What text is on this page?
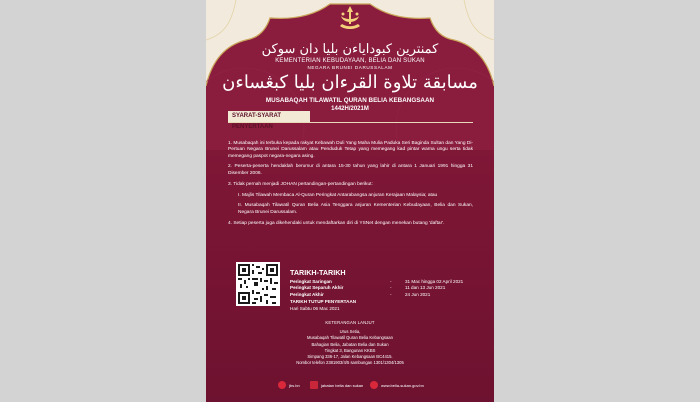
كمنترين كبوداياءن بليا دان سوكن
KEMENTERIAN KEBUDAYAAN, BELIA DAN SUKAN
NEGARA BRUNEI DARUSSALAM
مسابقة تلاوة القرءان بليا كبڠساءن
MUSABAQAH TILAWATIL QURAN BELIA KEBANGSAAN
1442H/2021M
SYARAT-SYARAT PENYERTAAN

1. Musabaqah ini terbuka kepada rakyat Kebawah Duli Yang Maha Mulia Paduka Seri Baginda Sultan dan Yang Di-Pertuan Negara Brunei Darussalam atau Penduduk Tetap yang memegang kad pintar warna ungu serta tidak memegang paspot negara-negara asing.

2. Peserta-peserta hendaklah berumur di antara 15-30 tahun yang lahir di antara 1 Januari 1991 hingga 31 Disember 2006.

3. Tidak pernah menjadi JOHAN pertandingan-pertandingan berikut:

I. Majlis Tilawah Membaca Al-Quran Peringkat Antarabangsa anjuran Kerajaan Malaysia; atau

II. Musabaqah Tilawatil Quran Belia Asia Tenggara anjuran Kementerian Kebudayaan, Belia dan Sukan, Negara Brunei Darussalam.

4. Setiap peserta juga dikehendaki untuk mendaftarkan diri di YSNet dengan menekan butang 'daftar'.

TARIKH-TARIKH
Peringkat Saringan	-	31 Mac hingga 02 April 2021
Peringkat Separuh Akhir	-	11 dan 13 Jun 2021
Peringkat Akhir	-	24 Jun 2021
TARIKH TUTUP PENYERTAAN
Hari Sabtu 06 Mac 2021
KETERANGAN LANJUT
Urus Setia,
Musabaqah Tilawatil Quran Belia Kebangsaan
Bahagian Belia, Jabatan Belia dan Sukan
Tingkat 3, Bangunan KKBS
Simpang 336-17, Jalan Kebangsaan BC4415.
Nombor telefon 2381903/4/5 sambungan 1301/1304/1305
jbs.bn	jabatan belia dan sukan	www.belia-sukan.gov.bn
